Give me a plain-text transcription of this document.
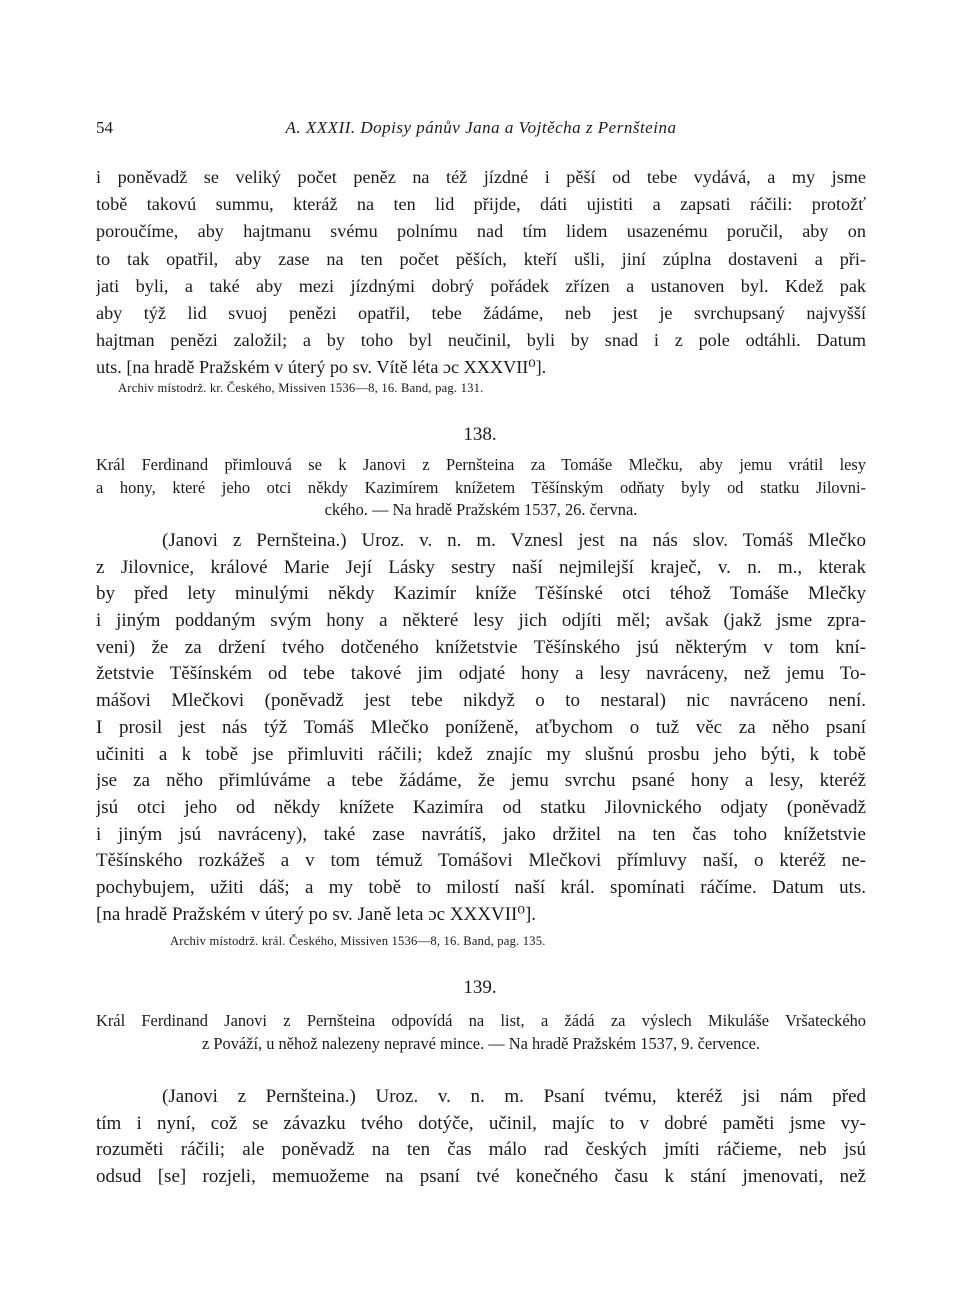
54	A. XXXII. Dopisy pánův Jana a Vojtěcha z Pernšteina

i poněvadž se veliký počet peněz na též jízdné i pěší od tebe vydává, a my jsme

tobě takovú summu, kteráž na ten lid přijde, dáti ujistiti a zapsati ráčili: protožť

poroučíme, aby hajtmanu svému polnímu nad tím lidem usazenému poručil, aby on

to tak opatřil, aby zase na ten počet pěších, kteří ušli, jiní zúplna dostaveni a při-

jati byli, a také aby mezi jízdnými dobrý pořádek zřízen a ustanoven byl. Kdež pak

aby týž lid svuoj penězi opatřil, tebe žádáme, neb jest je svrchupsaný najvyšší

hajtman penězi založil; a by toho byl neučinil, byli by snad i z pole odtáhli. Datum

uts. [na hradě Pražském v úterý po sv. Vítě léta ɔc XXXVII⁰].

Archiv místodrž. kr. Českého, Missiven 1536—8, 16. Band, pag. 131.
138.

Král Ferdinand přimlouvá se k Janovi z Pernšteina za Tomáše Mlečku, aby jemu vrátil lesy

a hony, které jeho otci někdy Kazimírem knížetem Těšínským odňaty byly od statku Jilovni-

ckého. — Na hradě Pražském 1537, 26. června.

(Janovi z Pernšteina.) Uroz. v. n. m. Vznesl jest na nás slov. Tomáš Mlečko

z Jilovnice, králové Marie Její Lásky sestry naší nejmilejší kraječ, v. n. m., kterak

by před lety minulými někdy Kazimír kníže Těšínské otci téhož Tomáše Mlečky

i jiným poddaným svým hony a některé lesy jich odjíti měl; avšak (jakž jsme zpra-

veni) že za držení tvého dotčeného knížetstvie Těšínského jsú některým v tom kní-

žetstvie Těšínském od tebe takové jim odjaté hony a lesy navráceny, než jemu To-

mášovi Mlečkovi (poněvadž jest tebe nikdyž o to nestaral) nic navráceno není.

I prosil jest nás týž Tomáš Mlečko poníženě, aťbychom o tuž věc za něho psaní

učiniti a k tobě jse přimluviti ráčili; kdež znajíc my slušnú prosbu jeho býti, k tobě

jse za něho přimlúváme a tebe žádáme, že jemu svrchu psané hony a lesy, kteréž

jsú otci jeho od někdy knížete Kazimíra od statku Jilovnického odjaty (poněvadž

i jiným jsú navráceny), také zase navrátíš, jako držitel na ten čas toho knížetstvie

Těšínského rozkážeš a v tom témuž Tomášovi Mlečkovi přímluvy naší, o kteréž ne-

pochybujem, užiti dáš; a my tobě to milostí naší král. spomínati ráčíme. Datum uts.

[na hradě Pražském v úterý po sv. Janě leta ɔc XXXVII⁰].

Archiv místodrž. král. Českého, Missiven 1536—8, 16. Band, pag. 135.
139.

Král Ferdinand Janovi z Pernšteina odpovídá na list, a žádá za výslech Mikuláše Vršateckého

z Pováží, u něhož nalezeny nepravé mince. — Na hradě Pražském 1537, 9. července.

(Janovi z Pernšteina.) Uroz. v. n. m. Psaní tvému, kteréž jsi nám před

tím i nyní, což se závazku tvého dotýče, učinil, majíc to v dobré paměti jsme vy-

rozuměti ráčili; ale poněvadž na ten čas málo rad českých jmíti ráčieme, neb jsú

odsud [se] rozjeli, memuožeme na psaní tvé konečného času k stání jmenovati, než
